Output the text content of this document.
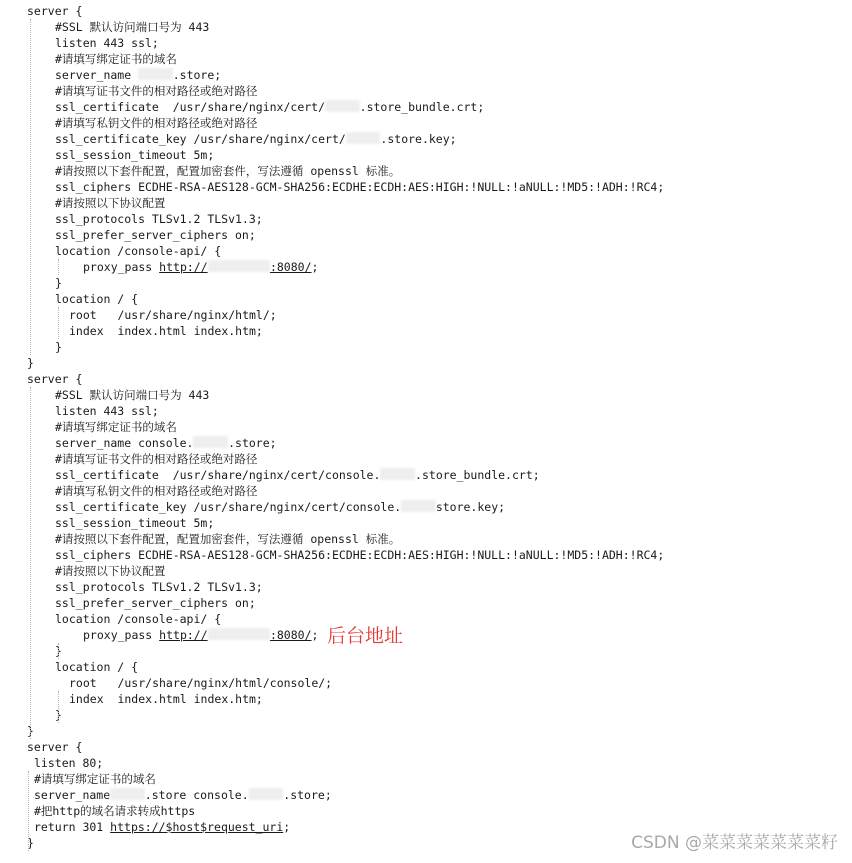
server {
#SSL 默认访问端口号为 443
listen 443 ssl;
#请填写绑定证书的域名
server_name	.store;
#请填写证书文件的相对路径或绝对路径
ssl_certificate  /usr/share/nginx/cert/	.store_bundle.crt;
#请填写私钥文件的相对路径或绝对路径
ssl_certificate_key /usr/share/nginx/cert/	.store.key;
ssl_session_timeout 5m;
#请按照以下套件配置，配置加密套件，写法遵循 openssl 标准。
ssl_ciphers ECDHE-RSA-AES128-GCM-SHA256:ECDHE:ECDH:AES:HIGH:!NULL:!aNULL:!MD5:!ADH:!RC4;
#请按照以下协议配置
ssl_protocols TLSv1.2 TLSv1.3;
ssl_prefer_server_ciphers on;
location /console-api/ {
proxy_pass http://	:8080/;
}
location / {
root   /usr/share/nginx/html/;
index  index.html index.htm;
}
}
server {
#SSL 默认访问端口号为 443
listen 443 ssl;
#请填写绑定证书的域名
server_name console.	.store;
#请填写证书文件的相对路径或绝对路径
ssl_certificate  /usr/share/nginx/cert/console.	.store_bundle.crt;
#请填写私钥文件的相对路径或绝对路径
ssl_certificate_key /usr/share/nginx/cert/console.	store.key;
ssl_session_timeout 5m;
#请按照以下套件配置，配置加密套件，写法遵循 openssl 标准。
ssl_ciphers ECDHE-RSA-AES128-GCM-SHA256:ECDHE:ECDH:AES:HIGH:!NULL:!aNULL:!MD5:!ADH:!RC4;
#请按照以下协议配置
ssl_protocols TLSv1.2 TLSv1.3;
ssl_prefer_server_ciphers on;
location /console-api/ {
proxy_pass http://	:8080/;
}
location / {
root   /usr/share/nginx/html/console/;
index  index.html index.htm;
}
}
server {
listen 80;
#请填写绑定证书的域名
server_name	.store console.	.store;
#把http的域名请求转成https
return 301 https://$host$request_uri;
}
后台地址
CSDN @菜菜菜菜菜菜菜籽
